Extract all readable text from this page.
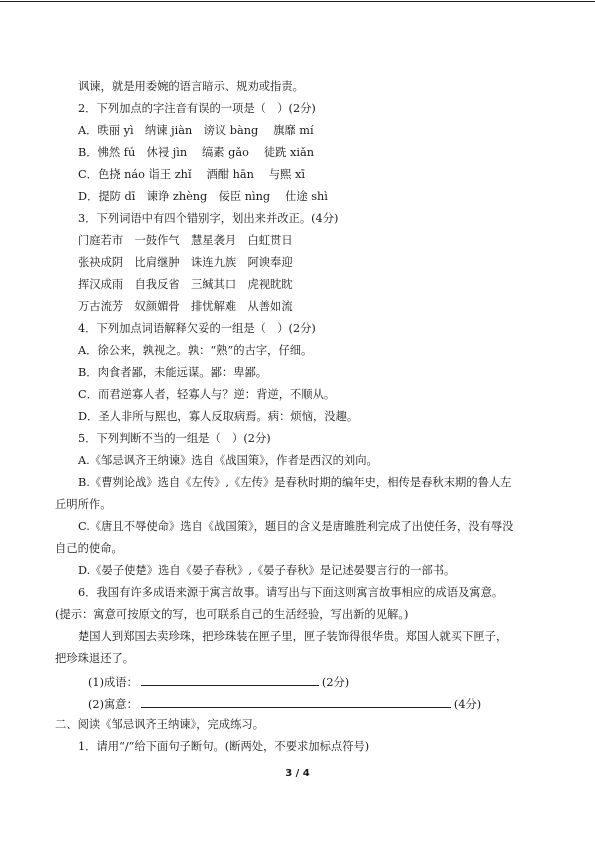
讽谏，就是用委婉的语言暗示、规劝或指责。
2．下列加点的字注音有误的一项是（　）(2分)
A．昳丽 yì　纳谏 jiàn　谤议 bàng　 旗靡 mí
B．怫然 fú　休祲 jìn　 缟素 gǎo　 徒跣 xiǎn
C．色挠 náo 诣王 zhǐ　 酒酣 hān　 与熙 xī
D．提防 dī　谏诤 zhèng　佞臣 nìng　 仕途 shì
3．下列词语中有四个错别字，划出来并改正。(4分)
门庭若市　一鼓作气　慧星袭月　白虹贯日
张袂成阴　比肩继肿　诛连九族　阿谀奉迎
挥汉成雨　自我反省　三缄其口　虎视眈眈
万古流芳　奴颜媚骨　排忧解难　从善如流
4．下列加点词语解释欠妥的一组是（　）(2分)
A．徐公来，孰视之。孰：“熟”的古字，仔细。
B．肉食者鄙，未能远谋。鄙：卑鄙。
C．而君逆寡人者，轻寡人与？逆：背逆，不顺从。
D．圣人非所与熙也，寡人反取病焉。病：烦恼，没趣。
5．下列判断不当的一组是（　）(2分)
A.《邹忌讽齐王纳谏》选自《战国策》，作者是西汉的刘向。
B.《曹刿论战》选自《左传》,《左传》是春秋时期的编年史，相传是春秋末期的鲁人左
丘明所作。
C.《唐且不辱使命》选自《战国策》，题目的含义是唐雎胜利完成了出使任务，没有辱没
自己的使命。
D.《晏子使楚》选自《晏子春秋》,《晏子春秋》是记述晏婴言行的一部书。
6．我国有许多成语来源于寓言故事。请写出与下面这则寓言故事相应的成语及寓意。
(提示：寓意可按原文的写，也可联系自己的生活经验，写出新的见解。)
楚国人到郑国去卖珍珠，把珍珠装在匣子里，匣子装饰得很华贵。郑国人就买下匣子，
把珍珠退还了。
(1)成语：	(2分)
(2)寓意：	(4分)
二、阅读《邹忌讽齐王纳谏》，完成练习。
1．请用“/”给下面句子断句。(断两处，不要求加标点符号)
3 / 4
